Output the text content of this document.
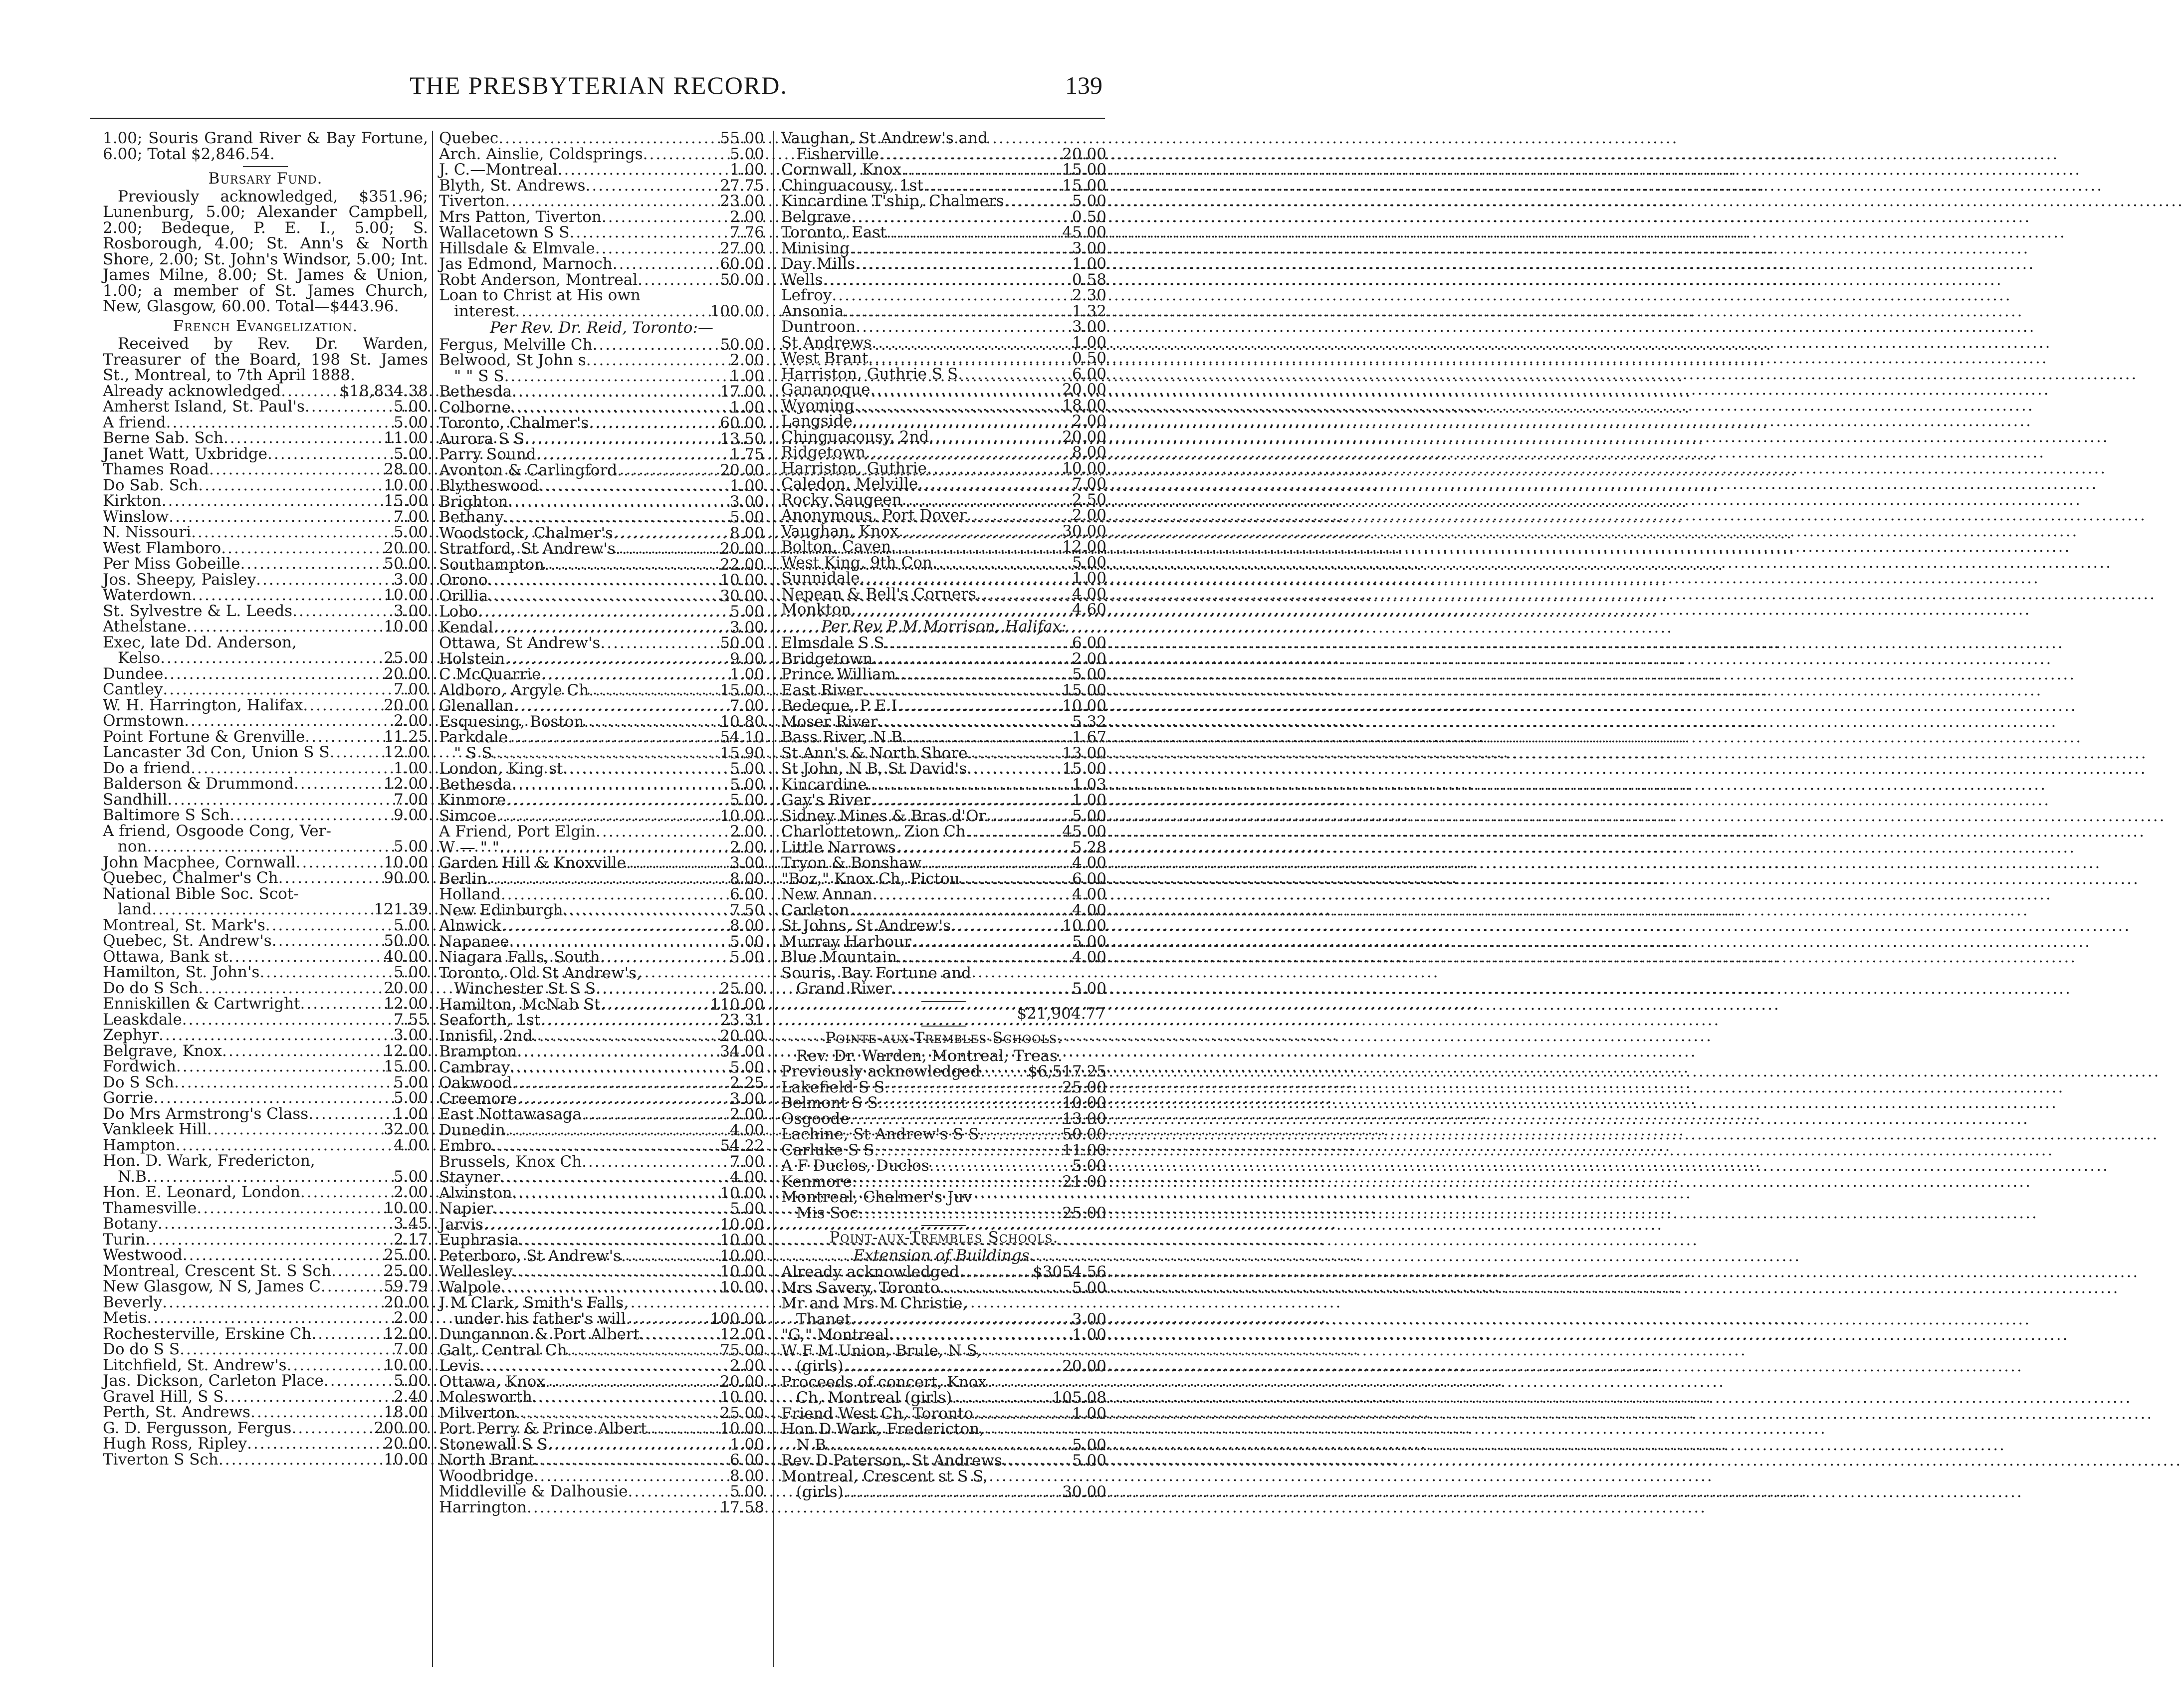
THE PRESBYTERIAN RECORD.	139
1.00; Souris Grand River & Bay Fortune, 6.00; Total $2,846.54.
Bursary Fund.
Previously acknowledged, $351.96; Lunenburg, 5.00; Alexander Campbell, 2.00; Bedeque, P. E. I., 5.00; S. Rosborough, 4.00; St. Ann's & North Shore, 2.00; St. John's Windsor, 5.00; Int. James Milne, 8.00; St. James & Union, 1.00; a member of St. James Church, New, Glasgow, 60.00. Total—$443.96.
French Evangelization.
Received by Rev. Dr. Warden, Treasurer of the Board, 198 St. James St., Montreal, to 7th April 1888.
Already acknowledged .....	$18,834.38
Amherst Island, St. Paul's .....	5.00
A friend .....	5.00
Berne Sab. Sch .....	11.00
Janet Watt, Uxbridge .....	5.00
Thames Road .....	28.00
Do Sab. Sch .....	10.00
Kirkton .....	15.00
Winslow .....	7.00
N. Nissouri .....	5.00
West Flamboro .....	20.00
Per Miss Gobeille .....	50.00
Jos. Sheepy, Paisley .....	3.00
Waterdown .....	10.00
St. Sylvestre & L. Leeds .....	3.00
Athelstane .....	10.00
Exec, late Dd. Anderson,
Kelso .....	25.00
Dundee .....	20.00
Cantley .....	7.00
W. H. Harrington, Halifax .....	20.00
Ormstown .....	2.00
Point Fortune & Grenville .....	11.25
Lancaster 3d Con, Union S S .....	12.00
Do a friend .....	1.00
Balderson & Drummond .....	12.00
Sandhill .....	7.00
Baltimore S Sch .....	9.00
A friend, Osgoode Cong, Ver-
non .....	5.00
John Macphee, Cornwall .....	10.00
Quebec, Chalmer's Ch .....	90.00
National Bible Soc. Scot-
land .....	121.39
Montreal, St. Mark's .....	5.00
Quebec, St. Andrew's .....	50.00
Ottawa, Bank st .....	40.00
Hamilton, St. John's .....	5.00
Do do S Sch .....	20.00
Enniskillen & Cartwright .....	12.00
Leaskdale .....	7.55
Zephyr .....	3.00
Belgrave, Knox .....	12.00
Fordwich .....	15.00
Do S Sch .....	5.00
Gorrie .....	5.00
Do Mrs Armstrong's Class .....	1.00
Vankleek Hill .....	32.00
Hampton .....	4.00
Hon. D. Wark, Fredericton,
N.B .....	5.00
Hon. E. Leonard, London .....	2.00
Thamesville .....	10.00
Botany .....	3.45
Turin .....	2.17
Westwood .....	25.00
Montreal, Crescent St. S Sch .....	25.00
New Glasgow, N S, James C .....	59.79
Beverly .....	20.00
Metis .....	2.00
Rochesterville, Erskine Ch .....	12.00
Do do S S .....	7.00
Litchfield, St. Andrew's .....	10.00
Jas. Dickson, Carleton Place .....	5.00
Gravel Hill, S S .....	2.40
Perth, St. Andrews .....	18.00
G. D. Fergusson, Fergus .....	200.00
Hugh Ross, Ripley .....	20.00
Tiverton S Sch .....	10.00
Quebec .....	55.00
Arch. Ainslie, Coldsprings .....	5.00
J. C.—Montreal .....	1.00
Blyth, St. Andrews .....	27.75
Tiverton .....	23.00
Mrs Patton, Tiverton .....	2.00
Wallacetown S S .....	7.76
Hillsdale & Elmvale .....	27.00
Jas Edmond, Marnoch .....	60.00
Robt Anderson, Montreal .....	50.00
Loan to Christ at His own
interest .....	100.00
Per Rev. Dr. Reid, Toronto:—
Fergus, Melville Ch .....	50.00
Belwood, St John s .....	2.00
" " S S .....	1.00
Bethesda .....	17.00
Colborne .....	1.00
Toronto, Chalmer's .....	60.00
Aurora S S .....	13.50
Parry Sound .....	1.75
Avonton & Carlingford .....	20.00
Blytheswood .....	1.00
Brighton .....	3.00
Bethany .....	5.00
Woodstock, Chalmer's .....	8.00
Stratford, St Andrew's .....	20.00
Southampton .....	22.00
Orono .....	10.00
Orillia .....	30.00
Lobo .....	5.00
Kendal .....	3.00
Ottawa, St Andrew's .....	50.00
Holstein .....	9.00
C McQuarrie .....	1.00
Aldboro, Argyle Ch .....	15.00
Glenallan .....	7.00
Esquesing, Boston .....	10.80
Parkdale .....	54.10
" S S .....	15.90
London, King st .....	5.00
Bethesda .....	5.00
Kinmore .....	5.00
Simcoe .....	10.00
A Friend, Port Elgin .....	2.00
W — " " .....	2.00
Garden Hill & Knoxville .....	3.00
Berlin .....	8.00
Holland .....	6.00
New Edinburgh .....	7.50
Alnwick .....	8.00
Napanee .....	5.00
Niagara Falls, South .....	5.00
Toronto, Old St Andrew's,
Winchester St S S .....	25.00
Hamilton, McNab St .....	110.00
Seaforth, 1st .....	23.31
Innisfil, 2nd .....	20.00
Brampton .....	34.00
Cambray .....	5.00
Oakwood .....	2.25
Creemore .....	3.00
East Nottawasaga .....	2.00
Dunedin .....	4.00
Embro .....	54.22
Brussels, Knox Ch .....	7.00
Stayner .....	4.00
Alvinston .....	10.00
Napier .....	5.00
Jarvis .....	10.00
Euphrasia .....	10.00
Peterboro, St Andrew's .....	10.00
Wellesley .....	10.00
Walpole .....	10.00
J M Clark, Smith's Falls,
under his father's will .....	100.00
Dungannon & Port Albert .....	12.00
Galt, Central Ch .....	75.00
Levis .....	2.00
Ottawa, Knox .....	20.00
Molesworth .....	10.00
Milverton .....	25.00
Port Perry & Prince Albert .....	10.00
Stonewall S S .....	1.00
North Brant .....	6.00
Woodbridge .....	8.00
Middleville & Dalhousie .....	5.00
Harrington .....	17.58
Vaughan, St Andrew's and
Fisherville .....	20.00
Cornwall, Knox .....	15.00
Chinguacousy, 1st .....	15.00
Kincardine T'ship, Chalmers .....	5.00
Belgrave .....	0.50
Toronto, East .....	45.00
Minising .....	3.00
Day Mills .....	1.00
Wells .....	0.58
Lefroy .....	2.30
Ansonia .....	1.32
Duntroon .....	3.00
St Andrews .....	1.00
West Brant .....	0.50
Harriston, Guthrie S S .....	6.00
Gananoque .....	20.00
Wyoming .....	18.00
Langside .....	2.00
Chinguacousy, 2nd .....	20.00
Ridgetown .....	8.00
Harriston, Guthrie .....	10.00
Caledon, Melville .....	7.00
Rocky Saugeen .....	2.50
Anonymous, Port Dover .....	2.00
Vaughan, Knox .....	30.00
Bolton, Caven .....	12.00
West King, 9th Con .....	5.00
Sunnidale .....	1.00
Nepean & Bell's Corners .....	4.00
Monkton .....	4.60
Per Rev P M Morrison, Halifax:
Elmsdale S S .....	6.00
Bridgetown .....	2.00
Prince William .....	5.00
East River .....	15.00
Bedeque, P E I .....	10.00
Moser River .....	5.32
Bass River, N B .....	1.67
St Ann's & North Shore .....	13.00
St John, N B, St David's .....	15.00
Kincardine .....	1.03
Gay's River .....	1.00
Sidney Mines & Bras d'Or .....	5.00
Charlottetown, Zion Ch .....	45.00
Little Narrows .....	5.28
Tryon & Bonshaw .....	4.00
"Boz," Knox Ch, Pictou .....	6.00
New Annan .....	4.00
Carleton .....	4.00
St Johns, St Andrew's .....	10.00
Murray Harbour .....	5.00
Blue Mountain .....	4.00
Souris, Bay Fortune and
Grand River .....	5.00
$21,904.77
Pointe-aux-Trembles Schools.
Rev. Dr. Warden, Montreal, Treas.
Previously acknowledged .....	$6,517.25
Lakefield S S .....	25.00
Belmont S S .....	10.00
Osgoode .....	13.00
Lachine, St Andrew's S S .....	50.00
Carluke S S .....	11.00
A F Duclos, Duclos .....	5.00
Kenmore .....	21.00
Montreal, Chalmer's Juv
Mis Soc .....	25.00
Point-aux-Trembles Schools.
Extension of Buildings.
Already acknowledged .....	$3054.56
Mrs Savery, Toronto .....	5.00
Mr and Mrs M Christie,
Thanet .....	3.00
"G," Montreal .....	1.00
W F M Union, Brule, N S,
(girls) .....	20.00
Proceeds of concert, Knox
Ch, Montreal (girls) .....	105.08
Friend West Ch, Toronto .....	1.00
Hon D Wark, Fredericton,
N B .....	5.00
Rev D Paterson, St Andrews .....	5.00
Montreal, Crescent st S S,
(girls) .....	30.00
